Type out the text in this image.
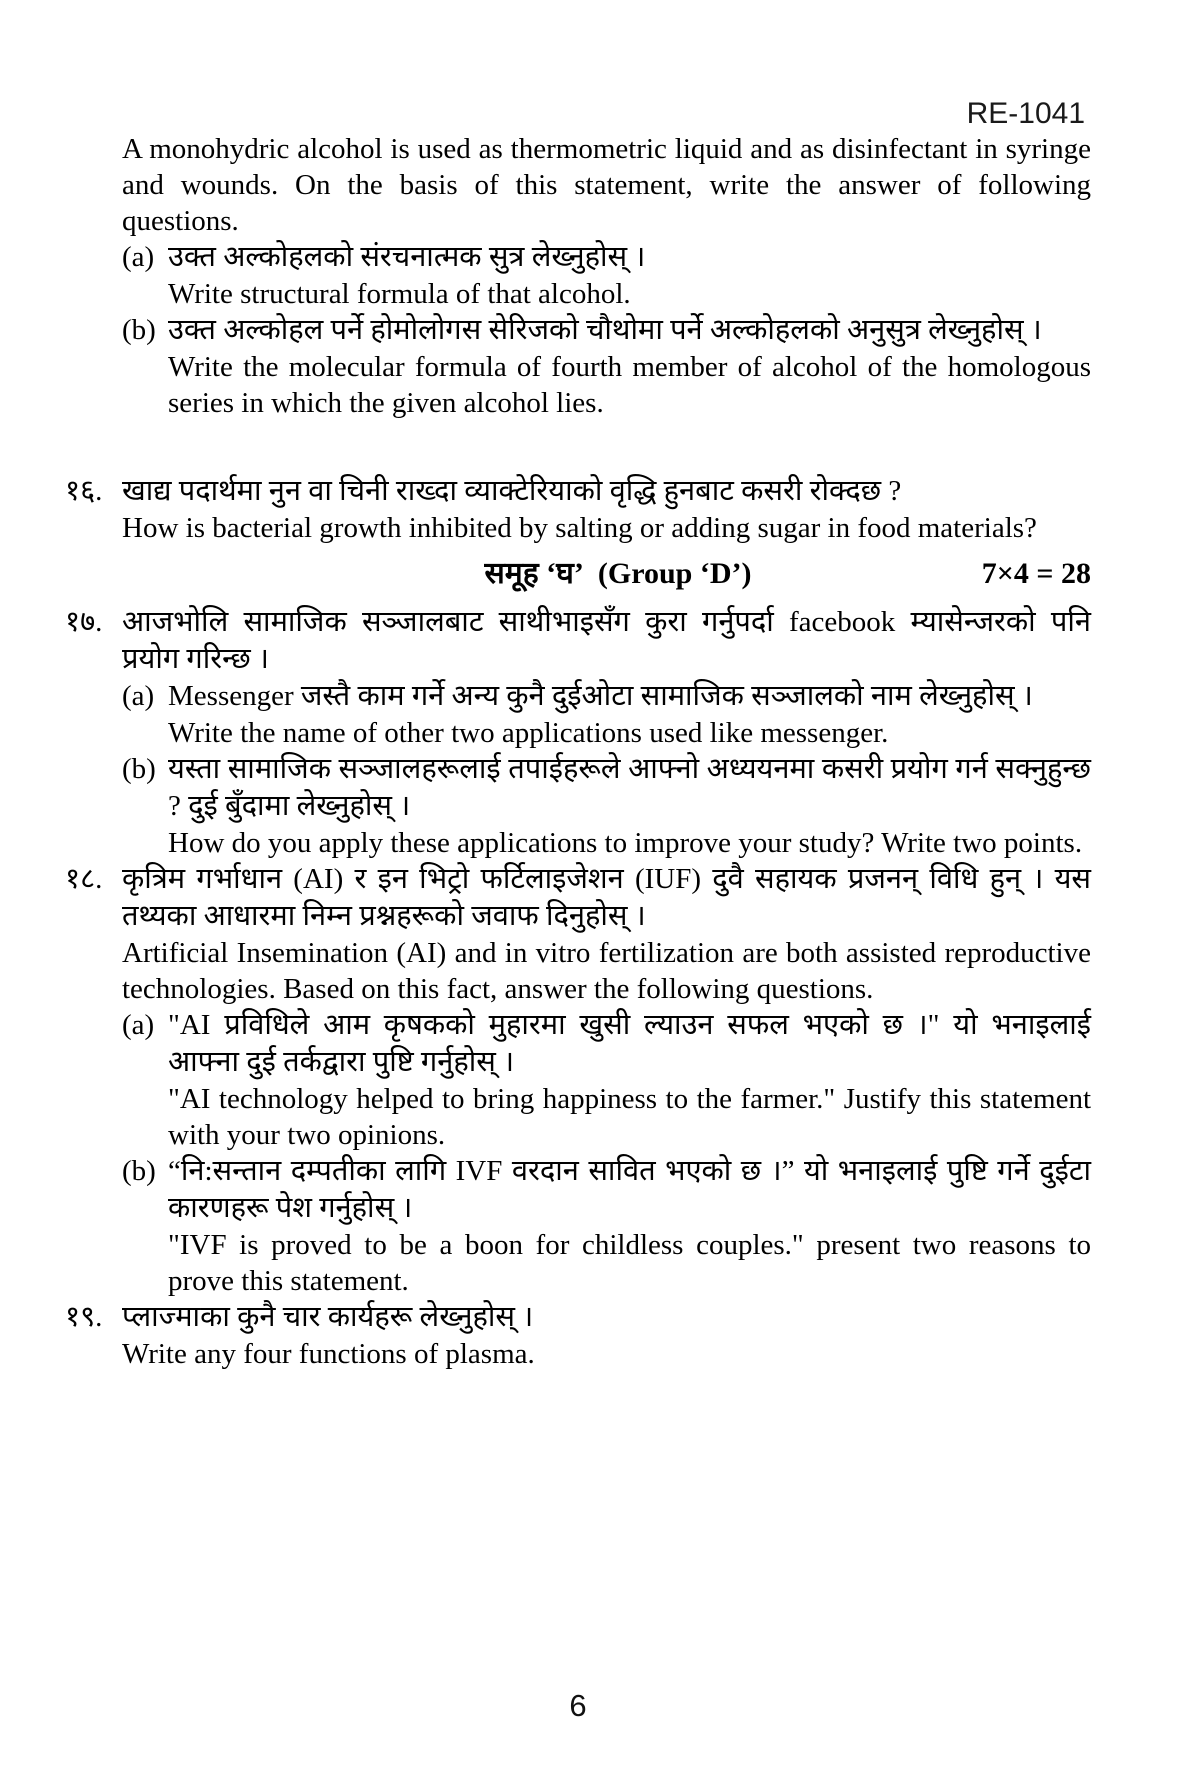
RE-1041

A monohydric alcohol is used as thermometric liquid and as disinfectant in syringe and wounds. On the basis of this statement, write the answer of following questions.

(a) उक्त अल्कोहलको संरचनात्मक सुत्र लेख्नुहोस् ।

Write structural formula of that alcohol.

(b) उक्त अल्कोहल पर्ने होमोलोगस सेरिजको चौथोमा पर्ने अल्कोहलको अनुसुत्र लेख्नुहोस् ।

Write the molecular formula of fourth member of alcohol of the homologous series in which the given alcohol lies.

१६. खाद्य पदार्थमा नुन वा चिनी राख्दा व्याक्टेरियाको वृद्धि हुनबाट कसरी रोक्दछ ?

How is bacterial growth inhibited by salting or adding sugar in food materials?

समूह ‘घ’ (Group ‘D’)	7×4 = 28
१७. आजभोलि सामाजिक सञ्जालबाट साथीभाइसँग कुरा गर्नुपर्दा facebook म्यासेन्जरको पनि प्रयोग गरिन्छ ।

(a) Messenger जस्तै काम गर्ने अन्य कुनै दुईओटा सामाजिक सञ्जालको नाम लेख्नुहोस् ।

Write the name of other two applications used like messenger.

(b) यस्ता सामाजिक सञ्जालहरूलाई तपाईहरूले आफ्नो अध्ययनमा कसरी प्रयोग गर्न सक्नुहुन्छ ? दुई बुँदामा लेख्नुहोस् ।

How do you apply these applications to improve your study? Write two points.

१८. कृत्रिम गर्भाधान (AI) र इन भिट्रो फर्टिलाइजेशन (IUF) दुवै सहायक प्रजनन् विधि हुन् । यस तथ्यका आधारमा निम्न प्रश्नहरूको जवाफ दिनुहोस् ।

Artificial Insemination (AI) and in vitro fertilization are both assisted reproductive technologies. Based on this fact, answer the following questions.

(a) "AI प्रविधिले आम कृषकको मुहारमा खुसी ल्याउन सफल भएको छ ।" यो भनाइलाई आफ्ना दुई तर्कद्वारा पुष्टि गर्नुहोस् ।

"AI technology helped to bring happiness to the farmer." Justify this statement with your two opinions.

(b) “नि:सन्तान दम्पतीका लागि IVF वरदान सावित भएको छ ।” यो भनाइलाई पुष्टि गर्ने दुईटा कारणहरू पेश गर्नुहोस् ।

"IVF is proved to be a boon for childless couples." present two reasons to prove this statement.

१९. प्लाज्माका कुनै चार कार्यहरू लेख्नुहोस् ।

Write any four functions of plasma.

6
